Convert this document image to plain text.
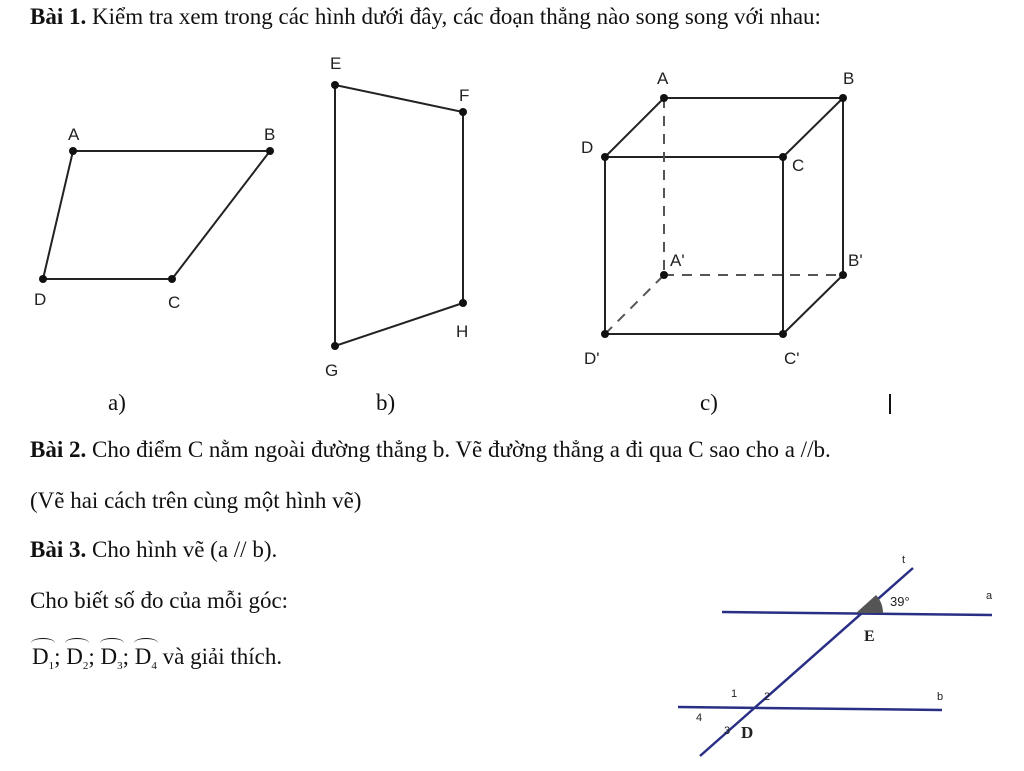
Bài 1. Kiểm tra xem trong các hình dưới đây, các đoạn thẳng nào song song với nhau:
A	B
C
D
a)
E
F
G
H
b)
A	B
C
D
A'	B'
C'
D'
c)
t
a
b
E
D
39°
1 2
3
4
Bài 2. Cho điểm C nằm ngoài đường thẳng b. Vẽ đường thẳng a đi qua C sao cho a //b.
(Vẽ hai cách trên cùng một hình vẽ)
Bài 3. Cho hình vẽ (a // b).
Cho biết số đo của mỗi góc:
$D_1$; $D_2$; $D_3$; $D_4$ và giải thích.
